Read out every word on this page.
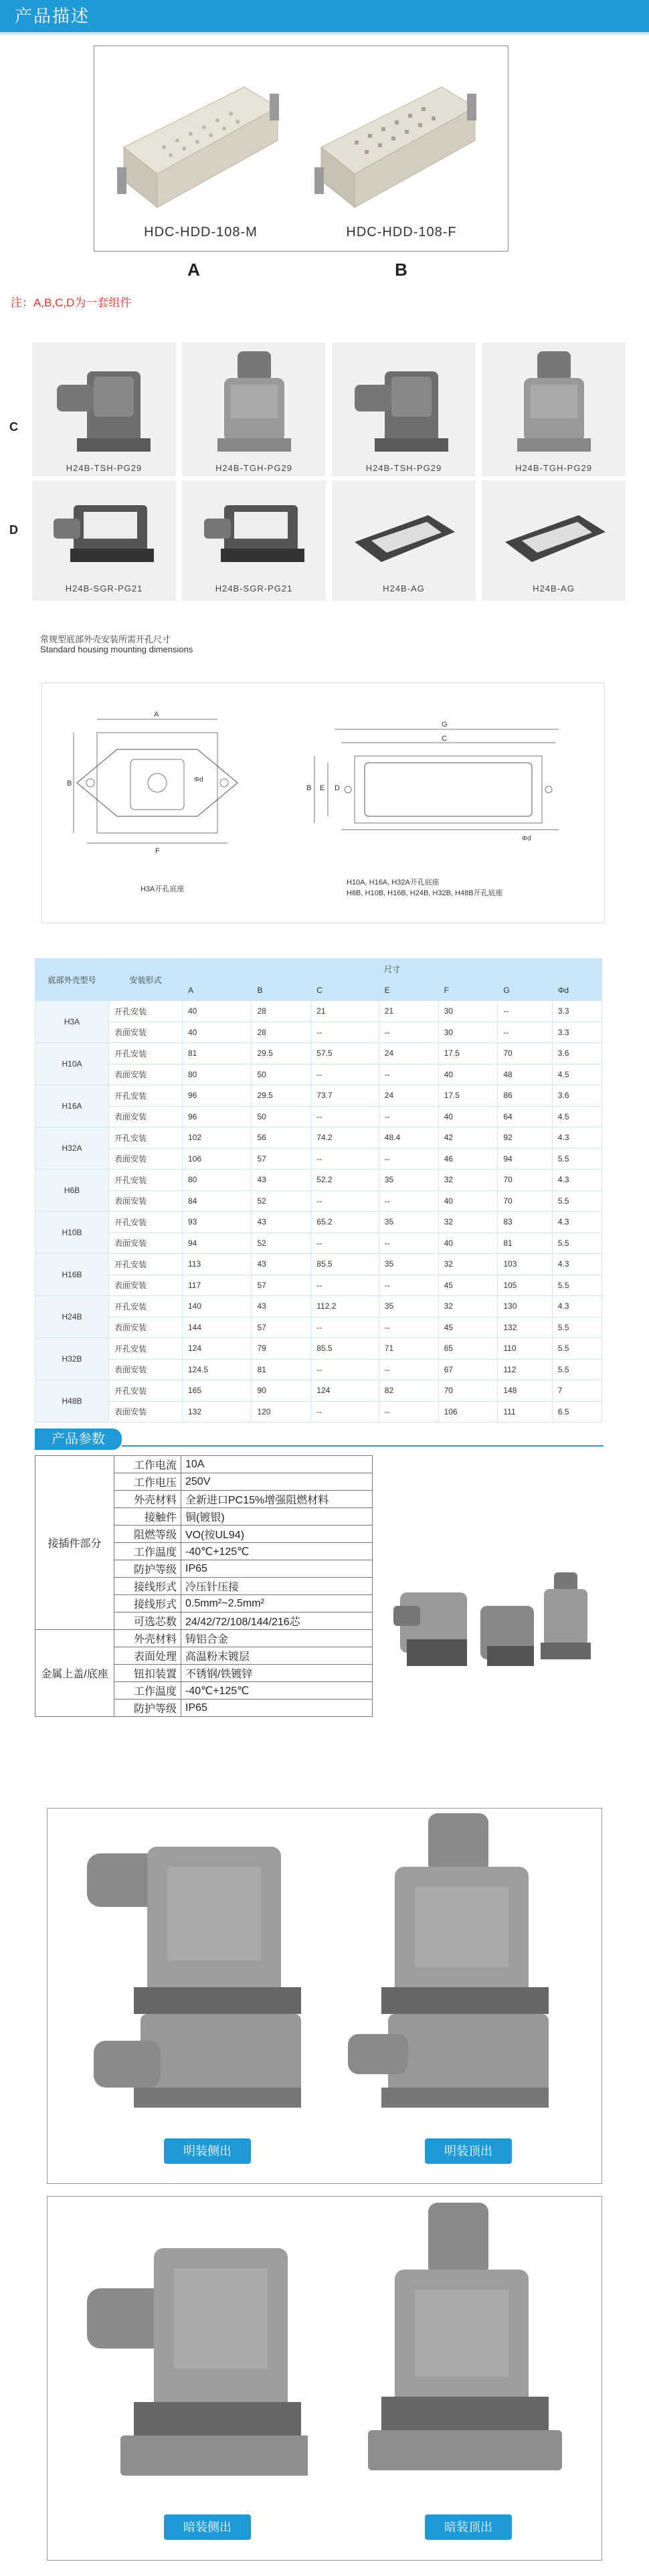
产品描述
HDC-HDD-108-M	HDC-HDD-108-F
A	B
注：A,B,C,D为一套组件
C
D
H24B-TSH-PG29	H24B-TGH-PG29	H24B-TSH-PG29	H24B-TGH-PG29
H24B-SGR-PG21	H24B-SGR-PG21	H24B-AG	H24B-AG
常规型底部外壳安装所需开孔尺寸
Standard housing mounting dimensions
A
B
F
Φd
H3A开孔底座
G
C
B E D
Φd
H10A, H16A, H32A开孔底座
H6B, H10B, H16B, H24B, H32B, H48B开孔底座
底部外壳型号	安装形式	尺寸						
		A	B	C	E	F	G	Φd
H3A	开孔安装	40	28	21	21	30	--	3.3
	表面安装	40	28	--	--	30	--	3.3
H10A	开孔安装	81	29.5	57.5	24	17.5	70	3.6
	表面安装	80	50	--	--	40	48	4.5
H16A	开孔安装	96	29.5	73.7	24	17.5	86	3.6
	表面安装	96	50	--	--	40	64	4.5
H32A	开孔安装	102	56	74.2	48.4	42	92	4.3
	表面安装	106	57	--	--	46	94	5.5
H6B	开孔安装	80	43	52.2	35	32	70	4.3
	表面安装	84	52	--	--	40	70	5.5
H10B	开孔安装	93	43	65.2	35	32	83	4.3
	表面安装	94	52	--	--	40	81	5.5
H16B	开孔安装	113	43	85.5	35	32	103	4.3
	表面安装	117	57	--	--	45	105	5.5
H24B	开孔安装	140	43	112.2	35	32	130	4.3
	表面安装	144	57	--	--	45	132	5.5
H32B	开孔安装	124	79	85.5	71	65	110	5.5
	表面安装	124.5	81	--	--	67	112	5.5
H48B	开孔安装	165	90	124	82	70	148	7
	表面安装	132	120	--	--	106	111	6.5
产品参数
接插件部分	工作电流	10A
	工作电压	250V
	外壳材料	全新进口PC15%增强阻燃材料
	接触件	铜(镀银)
	阻燃等级	VO(按UL94)
	工作温度	-40℃+125℃
	防护等级	IP65
	接线形式	冷压针压接
	接线形式	0.5mm²~2.5mm²
	可选芯数	24/42/72/108/144/216芯
金属上盖/底座	外壳材料	铸铝合金
	表面处理	高温粉末镀层
	钮扣装置	不锈钢/铁镀锌
	工作温度	-40℃+125℃
	防护等级	IP65
明装侧出	明装顶出
暗装侧出	暗装顶出
